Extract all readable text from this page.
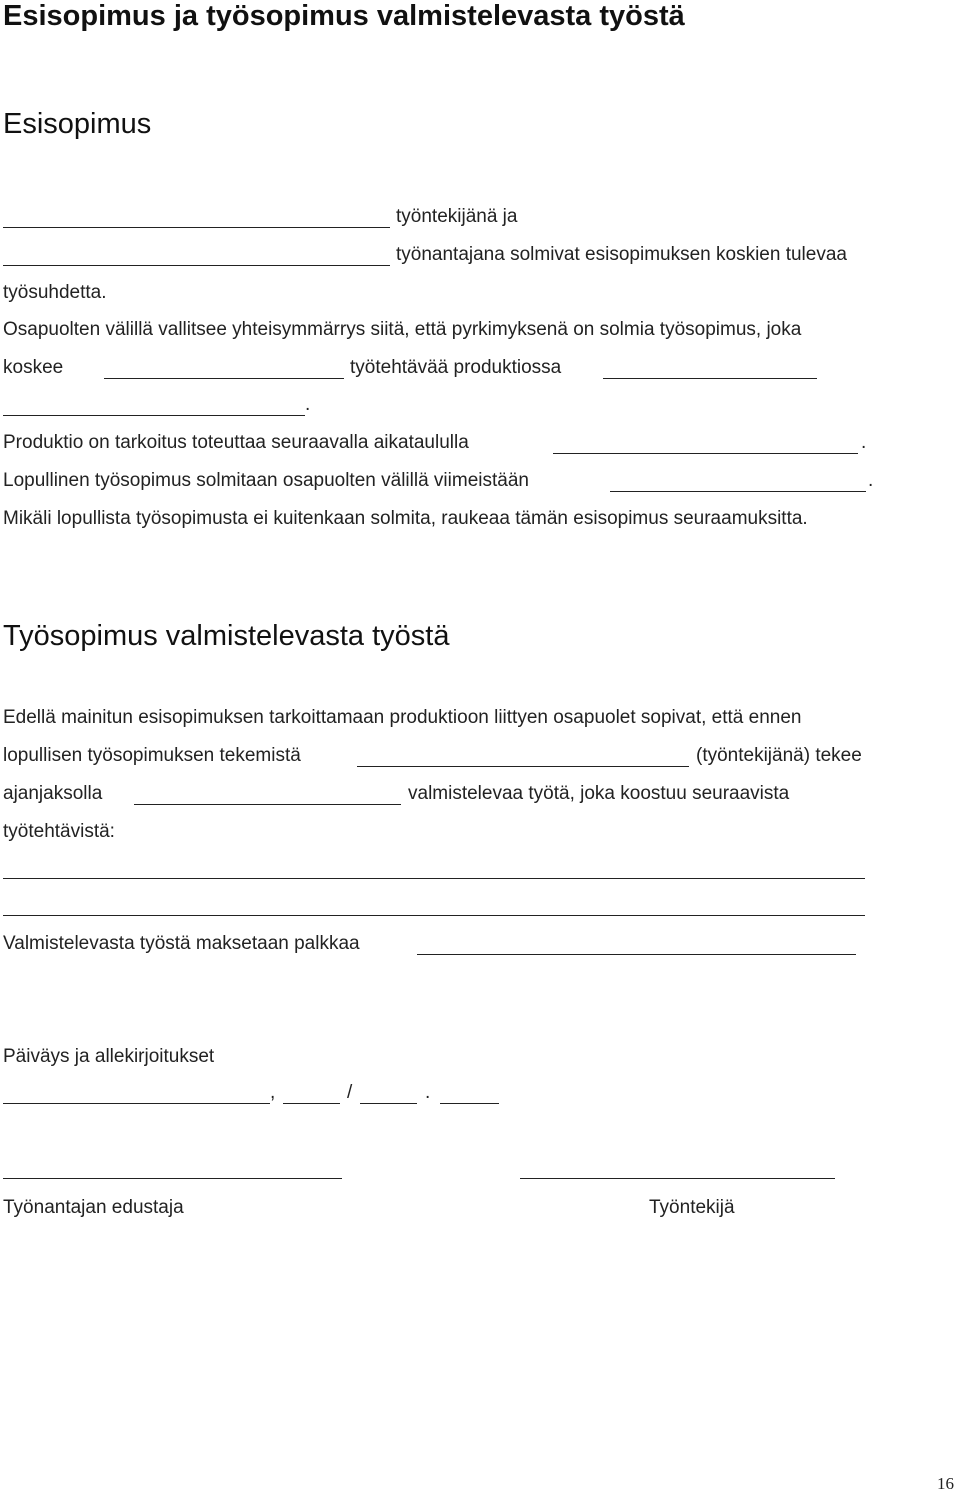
Esisopimus ja työsopimus valmistelevasta työstä
Esisopimus
työntekijänä ja
työnantajana solmivat esisopimuksen koskien tulevaa
työsuhdetta.
Osapuolten välillä vallitsee yhteisymmärrys siitä, että pyrkimyksenä on solmia työsopimus, joka
koskee	työtehtävää produktiossa
.
Produktio on tarkoitus toteuttaa seuraavalla aikataululla	.
Lopullinen työsopimus solmitaan osapuolten välillä viimeistään	.
Mikäli lopullista työsopimusta ei kuitenkaan solmita, raukeaa tämän esisopimus seuraamuksitta.
Työsopimus valmistelevasta työstä
Edellä mainitun esisopimuksen tarkoittamaan produktioon liittyen osapuolet sopivat, että ennen
lopullisen työsopimuksen tekemistä	(työntekijänä) tekee
ajanjaksolla	valmistelevaa työtä, joka koostuu seuraavista
työtehtävistä:
Valmistelevasta työstä maksetaan palkkaa
Päiväys ja allekirjoitukset
,	/	.
Työnantajan edustaja	Työntekijä
16
